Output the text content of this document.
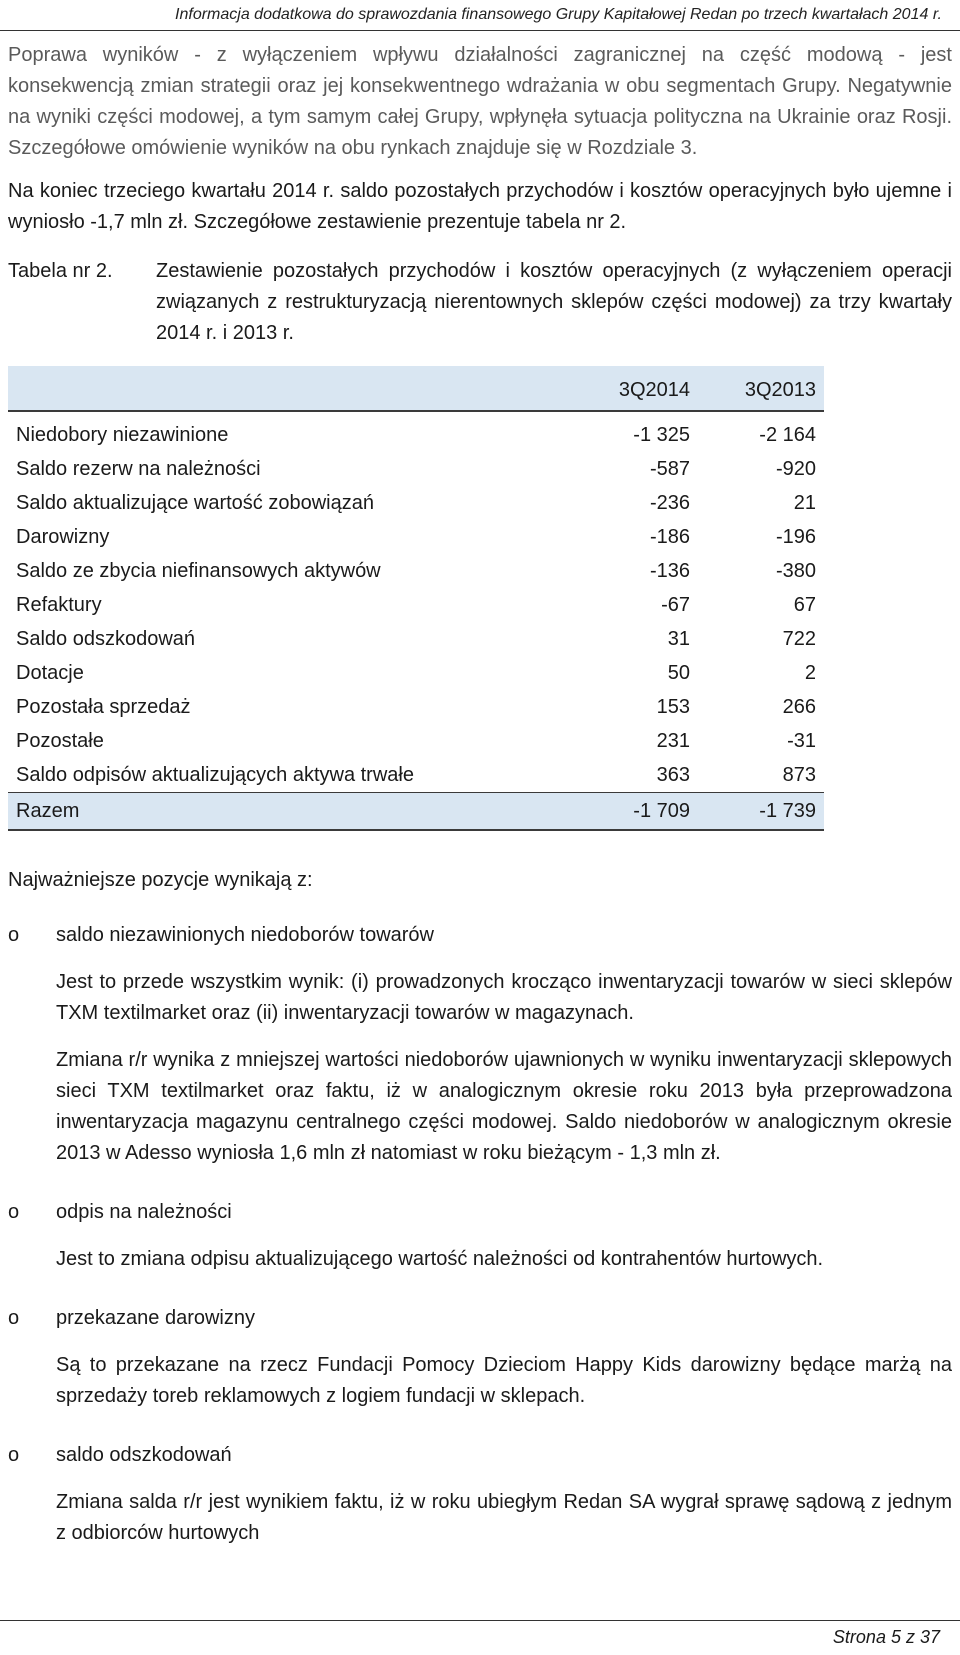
Informacja dodatkowa do sprawozdania finansowego Grupy Kapitałowej Redan po trzech kwartałach 2014 r.

Poprawa wyników - z wyłączeniem wpływu działalności zagranicznej na część modową - jest konsekwencją zmian strategii oraz jej konsekwentnego wdrażania w obu segmentach Grupy. Negatywnie na wyniki części modowej, a tym samym całej Grupy, wpłynęła sytuacja polityczna na Ukrainie oraz Rosji. Szczegółowe omówienie wyników na obu rynkach znajduje się w Rozdziale 3.

Na koniec trzeciego kwartału 2014 r. saldo pozostałych przychodów i kosztów operacyjnych było ujemne i wyniosło -1,7 mln zł. Szczegółowe zestawienie prezentuje tabela nr 2.

Tabela nr 2. Zestawienie pozostałych przychodów i kosztów operacyjnych (z wyłączeniem operacji związanych z restrukturyzacją nierentownych sklepów części modowej) za trzy kwartały 2014 r. i 2013 r.
	3Q2014	3Q2013
Niedobory niezawinione	-1 325	-2 164
Saldo rezerw na należności	-587	-920
Saldo aktualizujące wartość zobowiązań	-236	21
Darowizny	-186	-196
Saldo ze zbycia niefinansowych aktywów	-136	-380
Refaktury	-67	67
Saldo odszkodowań	31	722
Dotacje	50	2
Pozostała sprzedaż	153	266
Pozostałe	231	-31
Saldo odpisów aktualizujących aktywa trwałe	363	873
Razem	-1 709	-1 739
Najważniejsze pozycje wynikają z:
o saldo niezawinionych niedoborów towarów
Jest to przede wszystkim wynik: (i) prowadzonych krocząco inwentaryzacji towarów w sieci sklepów TXM textilmarket oraz (ii) inwentaryzacji towarów w magazynach.
Zmiana r/r wynika z mniejszej wartości niedoborów ujawnionych w wyniku inwentaryzacji sklepowych sieci TXM textilmarket oraz faktu, iż w analogicznym okresie roku 2013 była przeprowadzona inwentaryzacja magazynu centralnego części modowej. Saldo niedoborów w analogicznym okresie 2013 w Adesso wyniosła 1,6 mln zł natomiast w roku bieżącym - 1,3 mln zł.
o odpis na należności
Jest to zmiana odpisu aktualizującego wartość należności od kontrahentów hurtowych.
o przekazane darowizny
Są to przekazane na rzecz Fundacji Pomocy Dzieciom Happy Kids darowizny będące marżą na sprzedaży toreb reklamowych z logiem fundacji w sklepach.
o saldo odszkodowań
Zmiana salda r/r jest wynikiem faktu, iż w roku ubiegłym Redan SA wygrał sprawę sądową z jednym z odbiorców hurtowych
Strona 5 z 37
